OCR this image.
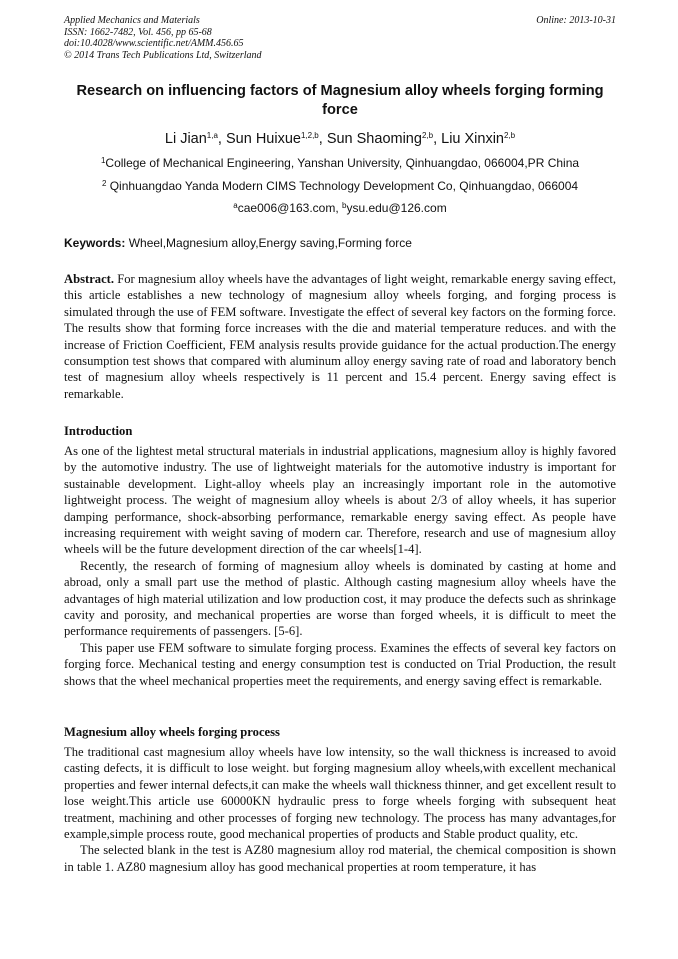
Applied Mechanics and Materials
ISSN: 1662-7482, Vol. 456, pp 65-68
doi:10.4028/www.scientific.net/AMM.456.65
© 2014 Trans Tech Publications Ltd, Switzerland
Online: 2013-10-31
Research on influencing factors of Magnesium alloy wheels forging forming force
Li Jian$^{1,a}$, Sun Huixue$^{1,2,b}$, Sun Shaoming$^{2,b}$, Liu Xinxin$^{2,b}$
$^1$College of Mechanical Engineering, Yanshan University, Qinhuangdao, 066004,PR China
$^2$ Qinhuangdao Yanda Modern CIMS Technology Development Co, Qinhuangdao, 066004
$^a$cae006@163.com, $^b$ysu.edu@126.com
Keywords: Wheel,Magnesium alloy,Energy saving,Forming force

Abstract. For magnesium alloy wheels have the advantages of light weight, remarkable energy saving effect, this article establishes a new technology of magnesium alloy wheels forging, and forging process is simulated through the use of FEM software. Investigate the effect of several key factors on the forming force. The results show that forming force increases with the die and material temperature reduces. and with the increase of Friction Coefficient, FEM analysis results provide guidance for the actual production.The energy consumption test shows that compared with aluminum alloy energy saving rate of road and laboratory bench test of magnesium alloy wheels respectively is 11 percent and 15.4 percent. Energy saving effect is remarkable.

Introduction

As one of the lightest metal structural materials in industrial applications, magnesium alloy is highly favored by the automotive industry. The use of lightweight materials for the automotive industry is important for sustainable development. Light-alloy wheels play an increasingly important role in the automotive lightweight process. The weight of magnesium alloy wheels is about 2/3 of alloy wheels, it has superior damping performance, shock-absorbing performance, remarkable energy saving effect. As people have increasing requirement with weight saving of modern car. Therefore, research and use of magnesium alloy wheels will be the future development direction of the car wheels[1-4].

Recently, the research of forming of magnesium alloy wheels is dominated by casting at home and abroad, only a small part use the method of plastic. Although casting magnesium alloy wheels have the advantages of high material utilization and low production cost, it may produce the defects such as shrinkage cavity and porosity, and mechanical properties are worse than forged wheels, it is difficult to meet the performance requirements of passengers. [5-6].

This paper use FEM software to simulate forging process. Examines the effects of several key factors on forging force. Mechanical testing and energy consumption test is conducted on Trial Production, the result shows that the wheel mechanical properties meet the requirements, and energy saving effect is remarkable.

Magnesium alloy wheels forging process

The traditional cast magnesium alloy wheels have low intensity, so the wall thickness is increased to avoid casting defects, it is difficult to lose weight. but forging magnesium alloy wheels,with excellent mechanical properties and fewer internal defects,it can make the wheels wall thickness thinner, and get excellent result to lose weight.This article use 60000KN hydraulic press to forge wheels forging with subsequent heat treatment, machining and other processes of forging new technology. The process has many advantages,for example,simple process route, good mechanical properties of products and Stable product quality, etc.

The selected blank in the test is AZ80 magnesium alloy rod material, the chemical composition is shown in table 1. AZ80 magnesium alloy has good mechanical properties at room temperature, it has
